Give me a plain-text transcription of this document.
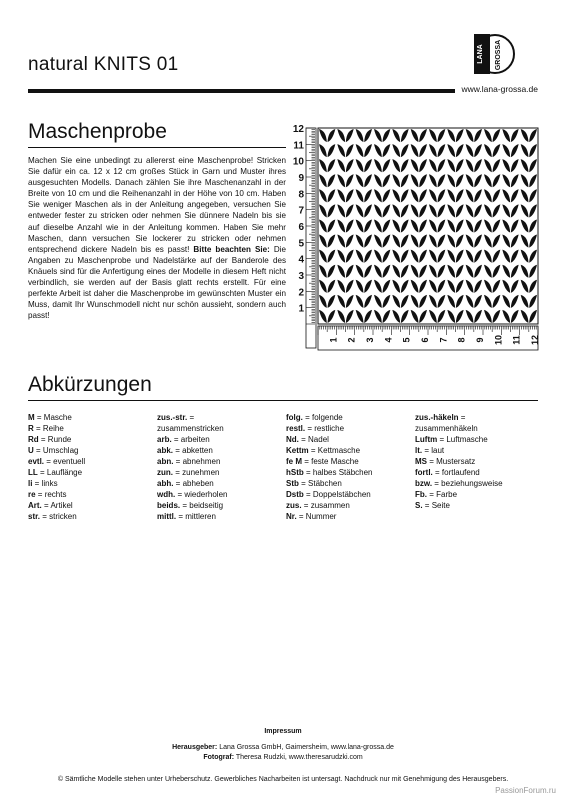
natural KNITS 01	LANA GROSSA
www.lana-grossa.de
Maschenprobe
Machen Sie eine unbedingt zu allererst eine Maschenprobe! Stricken Sie dafür ein ca. 12 x 12 cm großes Stück in Garn und Muster ihres ausgesuchten Modells. Danach zählen Sie ihre Maschenanzahl in der Breite von 10 cm und die Reihenanzahl in der Höhe von 10 cm. Haben Sie weniger Maschen als in der Anleitung angegeben, versuchen Sie entweder fester zu stricken oder nehmen Sie dünnere Nadeln bis sie auf dieselbe Anzahl wie in der Anleitung kommen. Haben Sie mehr Maschen, dann versuchen Sie lockerer zu stricken oder nehmen entsprechend dickere Nadeln bis es passt! Bitte beachten Sie: Die Angaben zu Maschenprobe und Nadelstärke auf der Banderole des Knäuels sind für die Anfertigung eines der Modelle in diesem Heft nicht verbindlich, sie werden auf der Basis glatt rechts erstellt. Für eine perfekte Arbeit ist daher die Maschenprobe im gewünschten Muster ein Muss, damit Ihr Wunschmodell nicht nur schön aussieht, sondern auch passt!
1
1
2
2
3
3
4
4
5
5
6
6
7
7
8
8
9
9
10
10
11
11
12
12
Abkürzungen
M = Masche
R = Reihe
Rd = Runde
U = Umschlag
evtl. = eventuell
LL = Lauflänge
li = links
re = rechts
Art. = Artikel
str. = stricken
zus.-str. =
zusammenstricken
arb. = arbeiten
abk. = abketten
abn. = abnehmen
zun. = zunehmen
abh. = abheben
wdh. = wiederholen
beids. = beidseitig
mittl. = mittleren
folg. = folgende
restl. = restliche
Nd. = Nadel
Kettm = Kettmasche
fe M = feste Masche
hStb = halbes Stäbchen
Stb = Stäbchen
Dstb = Doppelstäbchen
zus. = zusammen
Nr. = Nummer
zus.-häkeln =
zusammenhäkeln
Luftm = Luftmasche
lt. = laut
MS = Mustersatz
fortl. = fortlaufend
bzw. = beziehungsweise
Fb. = Farbe
S. = Seite
Impressum
Herausgeber: Lana Grossa GmbH, Gaimersheim, www.lana-grossa.de
Fotograf: Theresa Rudzki, www.theresarudzki.com
© Sämtliche Modelle stehen unter Urheberschutz. Gewerbliches Nacharbeiten ist untersagt. Nachdruck nur mit Genehmigung des Herausgebers.
PassionForum.ru
